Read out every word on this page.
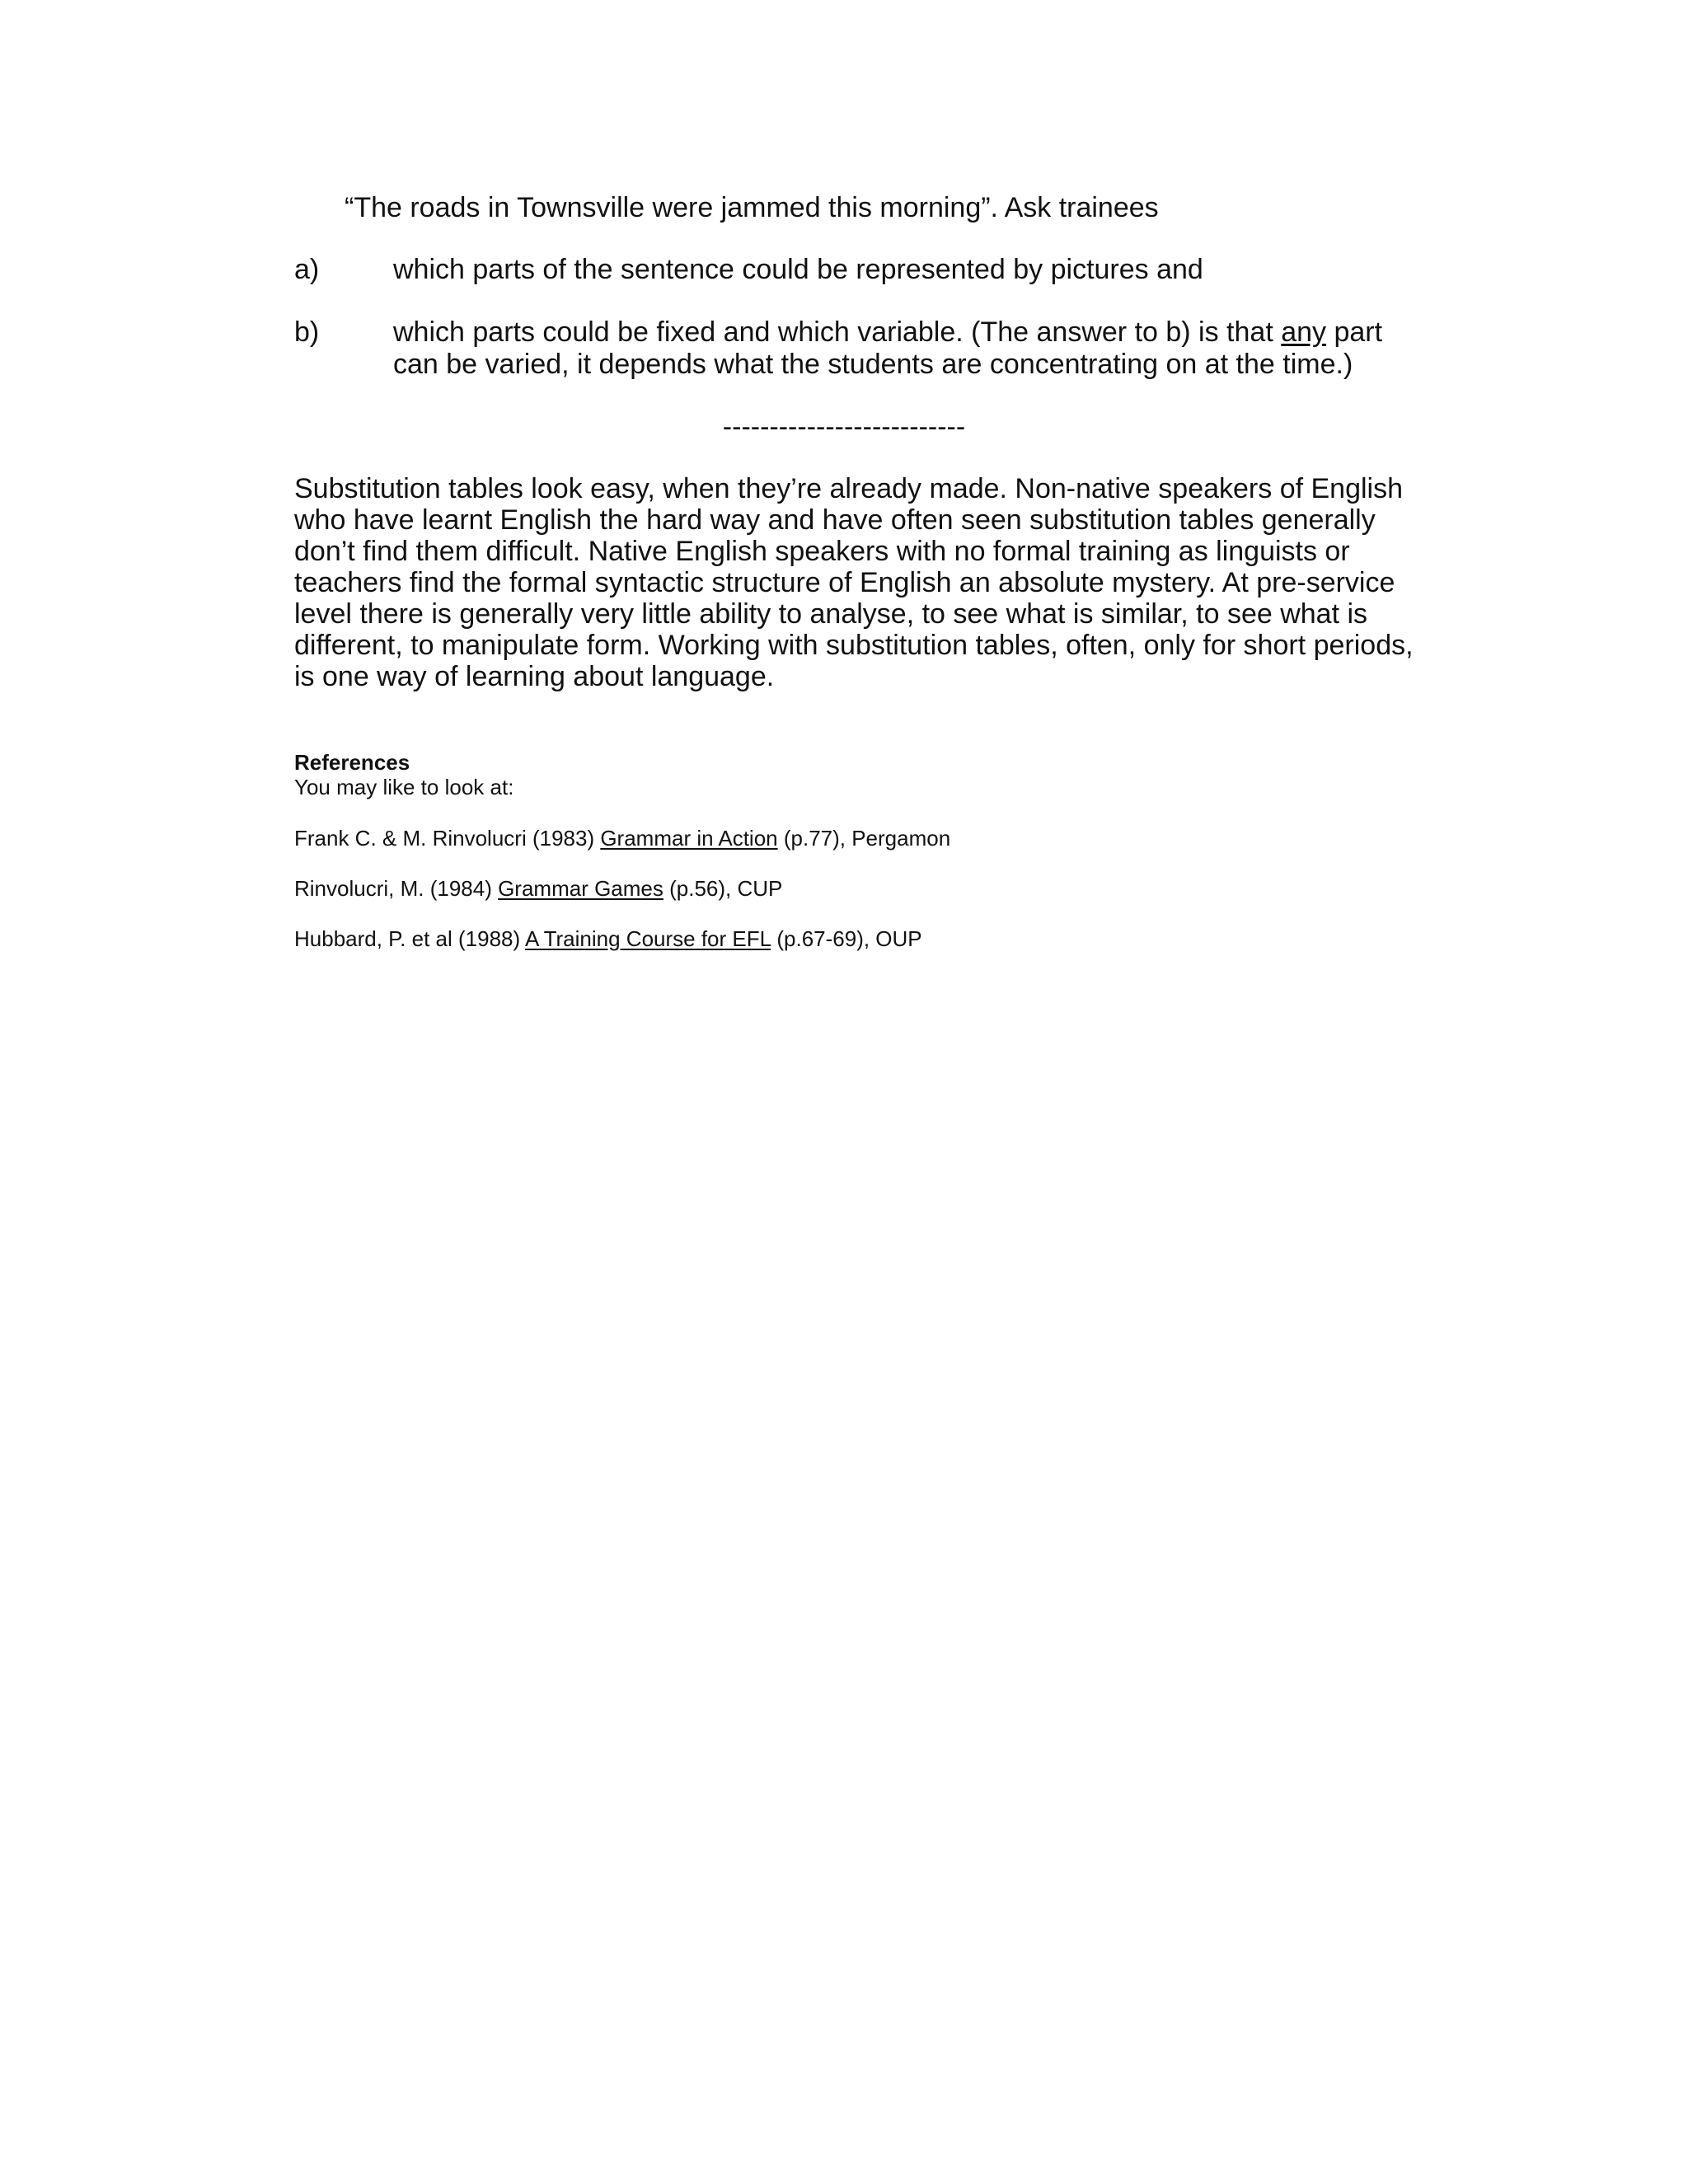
“The roads in Townsville were jammed this morning”. Ask trainees
a)	which parts of the sentence could be represented by pictures and
b)	which parts could be fixed and which variable. (The answer to b) is that any part can be varied, it depends what the students are concentrating on at the time.)
--------------------------
Substitution tables look easy, when they’re already made. Non-native speakers of English who have learnt English the hard way and have often seen substitution tables generally don’t find them difficult. Native English speakers with no formal training as linguists or teachers find the formal syntactic structure of English an absolute mystery. At pre-service level there is generally very little ability to analyse, to see what is similar, to see what is different, to manipulate form. Working with substitution tables, often, only for short periods, is one way of learning about language.
References
You may like to look at:
Frank C. & M. Rinvolucri (1983) Grammar in Action (p.77), Pergamon
Rinvolucri, M. (1984) Grammar Games (p.56), CUP
Hubbard, P. et al (1988) A Training Course for EFL (p.67-69), OUP
